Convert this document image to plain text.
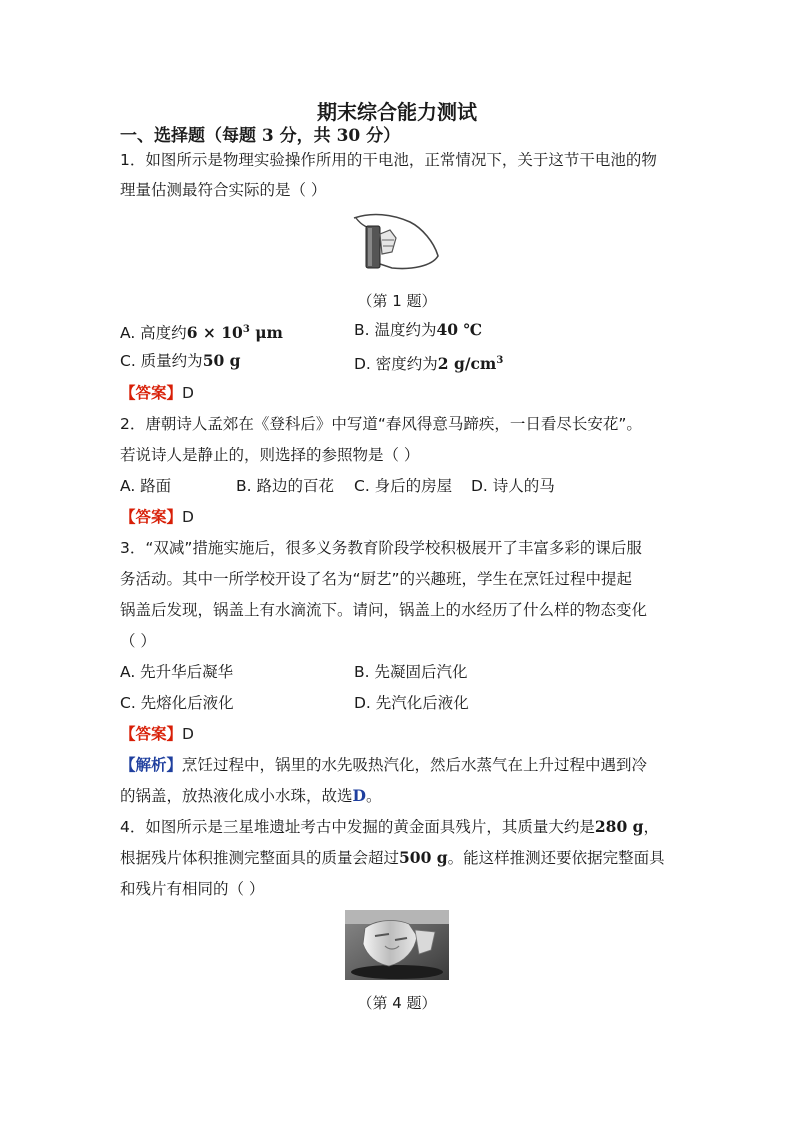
期末综合能力测试
一、选择题（每题 3 分，共 30 分）
1．如图所示是物理实验操作所用的干电池，正常情况下，关于这节干电池的物
理量估测最符合实际的是（ ）
（第 1 题）
A. 高度约$6 \times 10^3$ μm	B. 温度约为40 ℃
C. 质量约为50 g	D. 密度约为2 $g/cm^3$
【答案】D
2．唐朝诗人孟郊在《登科后》中写道“春风得意马蹄疾，一日看尽长安花”。
若说诗人是静止的，则选择的参照物是（ ）
A. 路面	B. 路边的百花 C. 身后的房屋 D. 诗人的马
【答案】D
3．“双减”措施实施后，很多义务教育阶段学校积极展开了丰富多彩的课后服
务活动。其中一所学校开设了名为“厨艺”的兴趣班，学生在烹饪过程中提起
锅盖后发现，锅盖上有水滴流下。请问，锅盖上的水经历了什么样的物态变化
（ ）
A. 先升华后凝华	B. 先凝固后汽化
C. 先熔化后液化	D. 先汽化后液化
【答案】D
【解析】烹饪过程中，锅里的水先吸热汽化，然后水蒸气在上升过程中遇到冷
的锅盖，放热液化成小水珠，故选D。
4．如图所示是三星堆遗址考古中发掘的黄金面具残片，其质量大约是280 g，
根据残片体积推测完整面具的质量会超过500 g。能这样推测还要依据完整面具
和残片有相同的（ ）
（第 4 题）
